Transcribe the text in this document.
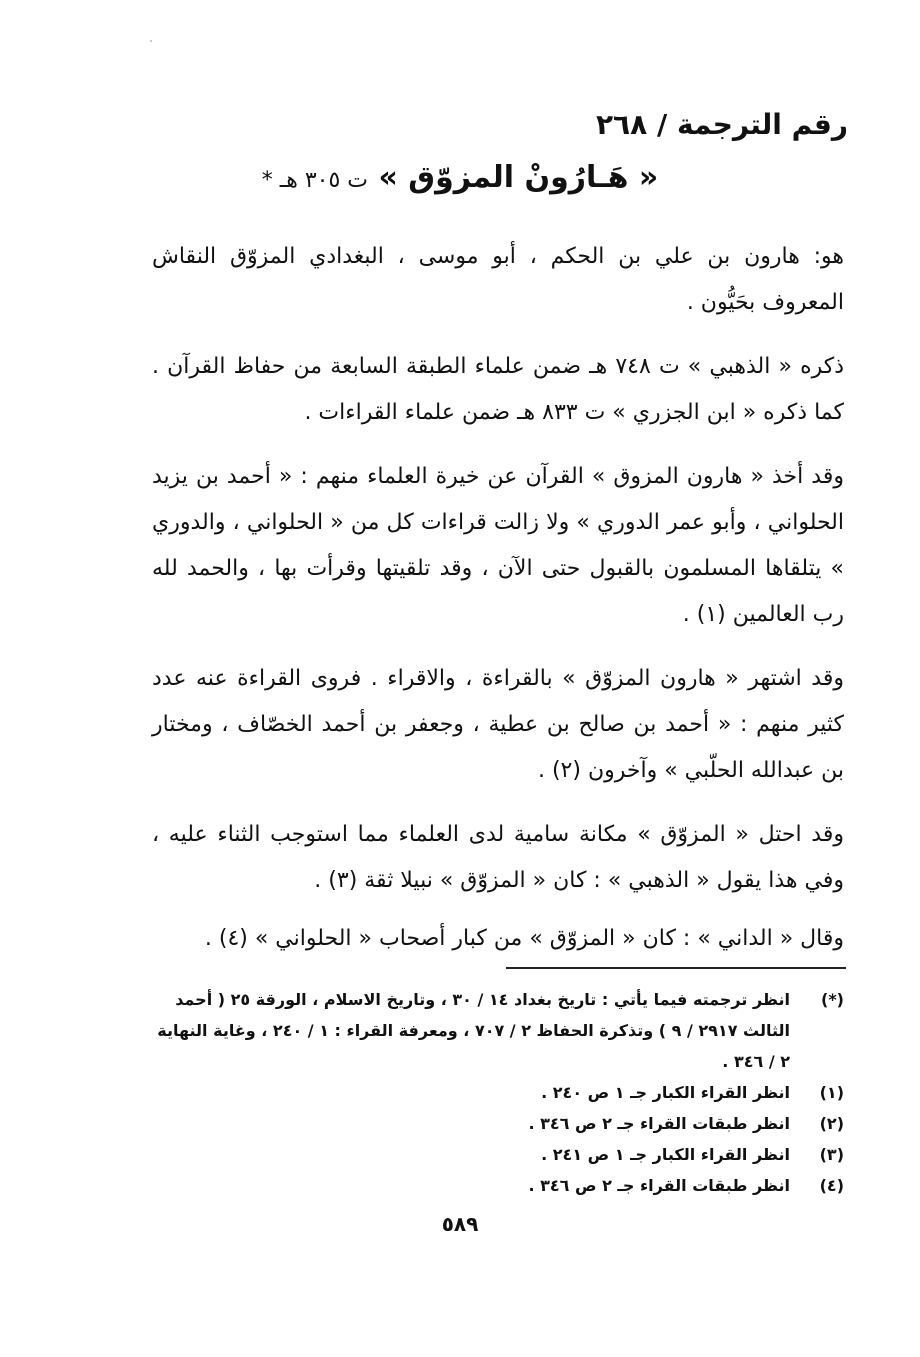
رقم الترجمة / ٢٦٨
« هَـارُونْ المزوّق » ت ٣٠٥ هـ *

هو: هارون بن علي بن الحكم ، أبو موسى ، البغدادي المزوّق النقاش المعروف بحَيُّون .

ذكره « الذهبي » ت ٧٤٨ هـ ضمن علماء الطبقة السابعة من حفاظ القرآن . كما ذكره « ابن الجزري » ت ٨٣٣ هـ ضمن علماء القراءات .

وقد أخذ « هارون المزوق » القرآن عن خيرة العلماء منهم : « أحمد بن يزيد الحلواني ، وأبو عمر الدوري » ولا زالت قراءات كل من « الحلواني ، والدوري » يتلقاها المسلمون بالقبول حتى الآن ، وقد تلقيتها وقرأت بها ، والحمد لله رب العالمين (١) .

وقد اشتهر « هارون المزوّق » بالقراءة ، والاقراء . فروى القراءة عنه عدد كثير منهم : « أحمد بن صالح بن عطية ، وجعفر بن أحمد الخصّاف ، ومختار بن عبدالله الحلّبي » وآخرون (٢) .

وقد احتل « المزوّق » مكانة سامية لدى العلماء مما استوجب الثناء عليه ، وفي هذا يقول « الذهبي » : كان « المزوّق » نبيلا ثقة (٣) .

وقال « الداني » : كان « المزوّق » من كبار أصحاب « الحلواني » (٤) .

(*)
انظر ترجمته فيما يأتي : تاريخ بغداد ١٤ / ٣٠ ، وتاريخ الاسلام ، الورقة ٢٥ ( أحمد الثالث ٢٩١٧ / ٩ ) وتذكرة الحفاظ ٢ / ٧٠٧ ، ومعرفة القراء : ١ / ٢٤٠ ، وغاية النهاية ٢ / ٣٤٦ .
(١)
انظر القراء الكبار جـ ١ ص ٢٤٠ .
(٢)
انظر طبقات القراء جـ ٢ ص ٣٤٦ .
(٣)
انظر القراء الكبار جـ ١ ص ٢٤١ .
(٤)
انظر طبقات القراء جـ ٢ ص ٣٤٦ .
٥٨٩
